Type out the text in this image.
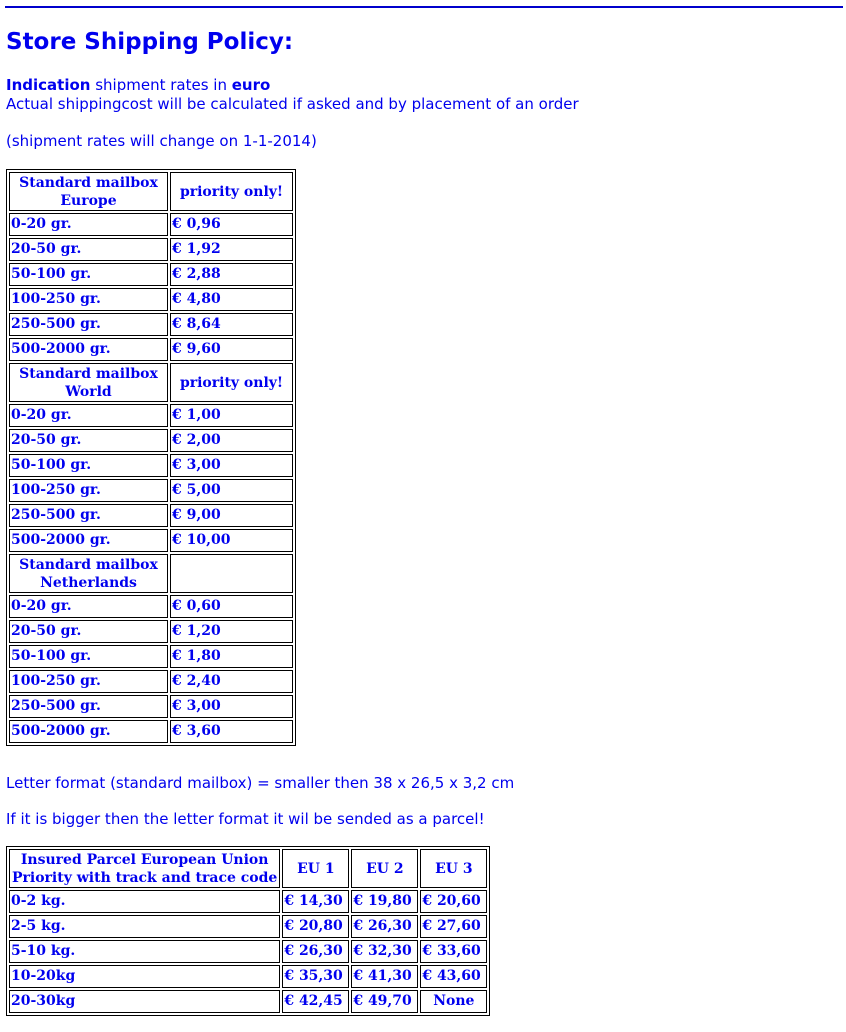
Store Shipping Policy:
Indication shipment rates in euro
Actual shippingcost will be calculated if asked and by placement of an order
(shipment rates will change on 1-1-2014)
Standard mailbox
Europe	priority only!
0-20 gr.	€ 0,96
20-50 gr.	€ 1,92
50-100 gr.	€ 2,88
100-250 gr.	€ 4,80
250-500 gr.	€ 8,64
500-2000 gr.	€ 9,60
Standard mailbox
World	priority only!
0-20 gr.	€ 1,00
20-50 gr.	€ 2,00
50-100 gr.	€ 3,00
100-250 gr.	€ 5,00
250-500 gr.	€ 9,00
500-2000 gr.	€ 10,00
Standard mailbox
Netherlands	
0-20 gr.	€ 0,60
20-50 gr.	€ 1,20
50-100 gr.	€ 1,80
100-250 gr.	€ 2,40
250-500 gr.	€ 3,00
500-2000 gr.	€ 3,60
Letter format (standard mailbox) = smaller then 38 x 26,5 x 3,2 cm
If it is bigger then the letter format it wil be sended as a parcel!
Insured Parcel European Union
Priority with track and trace code	EU 1	EU 2	EU 3
0-2 kg.	€ 14,30	€ 19,80	€ 20,60
2-5 kg.	€ 20,80	€ 26,30	€ 27,60
5-10 kg.	€ 26,30	€ 32,30	€ 33,60
10-20kg	€ 35,30	€ 41,30	€ 43,60
20-30kg	€ 42,45	€ 49,70	None
